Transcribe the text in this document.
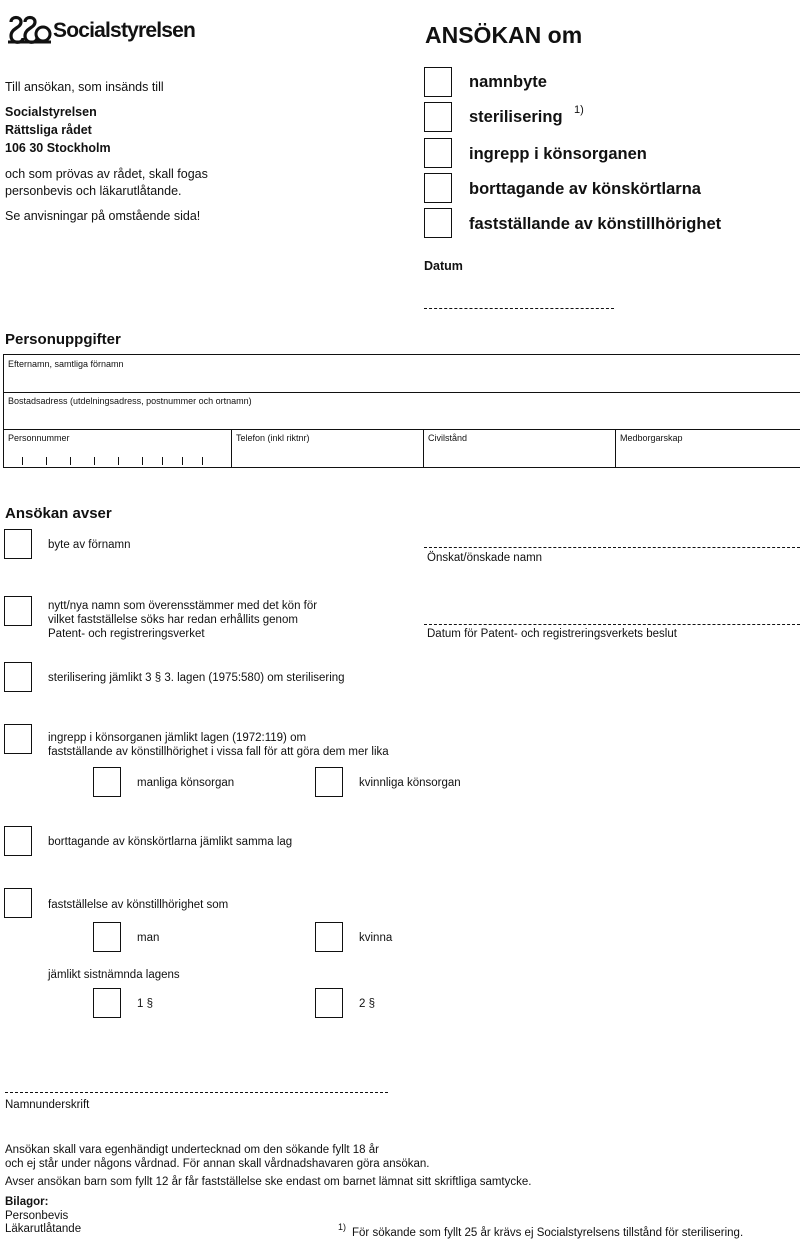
Socialstyrelsen	ANSÖKAN om
Till ansökan, som insänds till
Socialstyrelsen
Rättsliga rådet
106 30 Stockholm
och som prövas av rådet, skall fogas
personbevis och läkarutlåtande.
Se anvisningar på omstående sida!
namnbyte
sterilisering 1)
ingrepp i könsorganen
borttagande av könskörtlarna
fastställande av könstillhörighet
Datum
Personuppgifter
Efternamn, samtliga förnamn
Bostadsadress (utdelningsadress, postnummer och ortnamn)
Personnummer	Telefon (inkl riktnr)	Civilstånd	Medborgarskap
Ansökan avser
byte av förnamn
Önskat/önskade namn
nytt/nya namn som överensstämmer med det kön för
vilket fastställelse söks har redan erhållits genom
Patent- och registreringsverket	Datum för Patent- och registreringsverkets beslut
sterilisering jämlikt 3 § 3. lagen (1975:580) om sterilisering
ingrepp i könsorganen jämlikt lagen (1972:119) om
fastställande av könstillhörighet i vissa fall för att göra dem mer lika
manliga könsorgan	kvinnliga könsorgan
borttagande av könskörtlarna jämlikt samma lag
fastställelse av könstillhörighet som
man	kvinna
jämlikt sistnämnda lagens
1 §	2 §
Namnunderskrift
Ansökan skall vara egenhändigt undertecknad om den sökande fyllt 18 år
och ej står under någons vårdnad. För annan skall vårdnadshavaren göra ansökan.
Avser ansökan barn som fyllt 12 år får fastställelse ske endast om barnet lämnat sitt skriftliga samtycke.
Bilagor:
Personbevis
Läkarutlåtande	1) För sökande som fyllt 25 år krävs ej Socialstyrelsens tillstånd för sterilisering.
